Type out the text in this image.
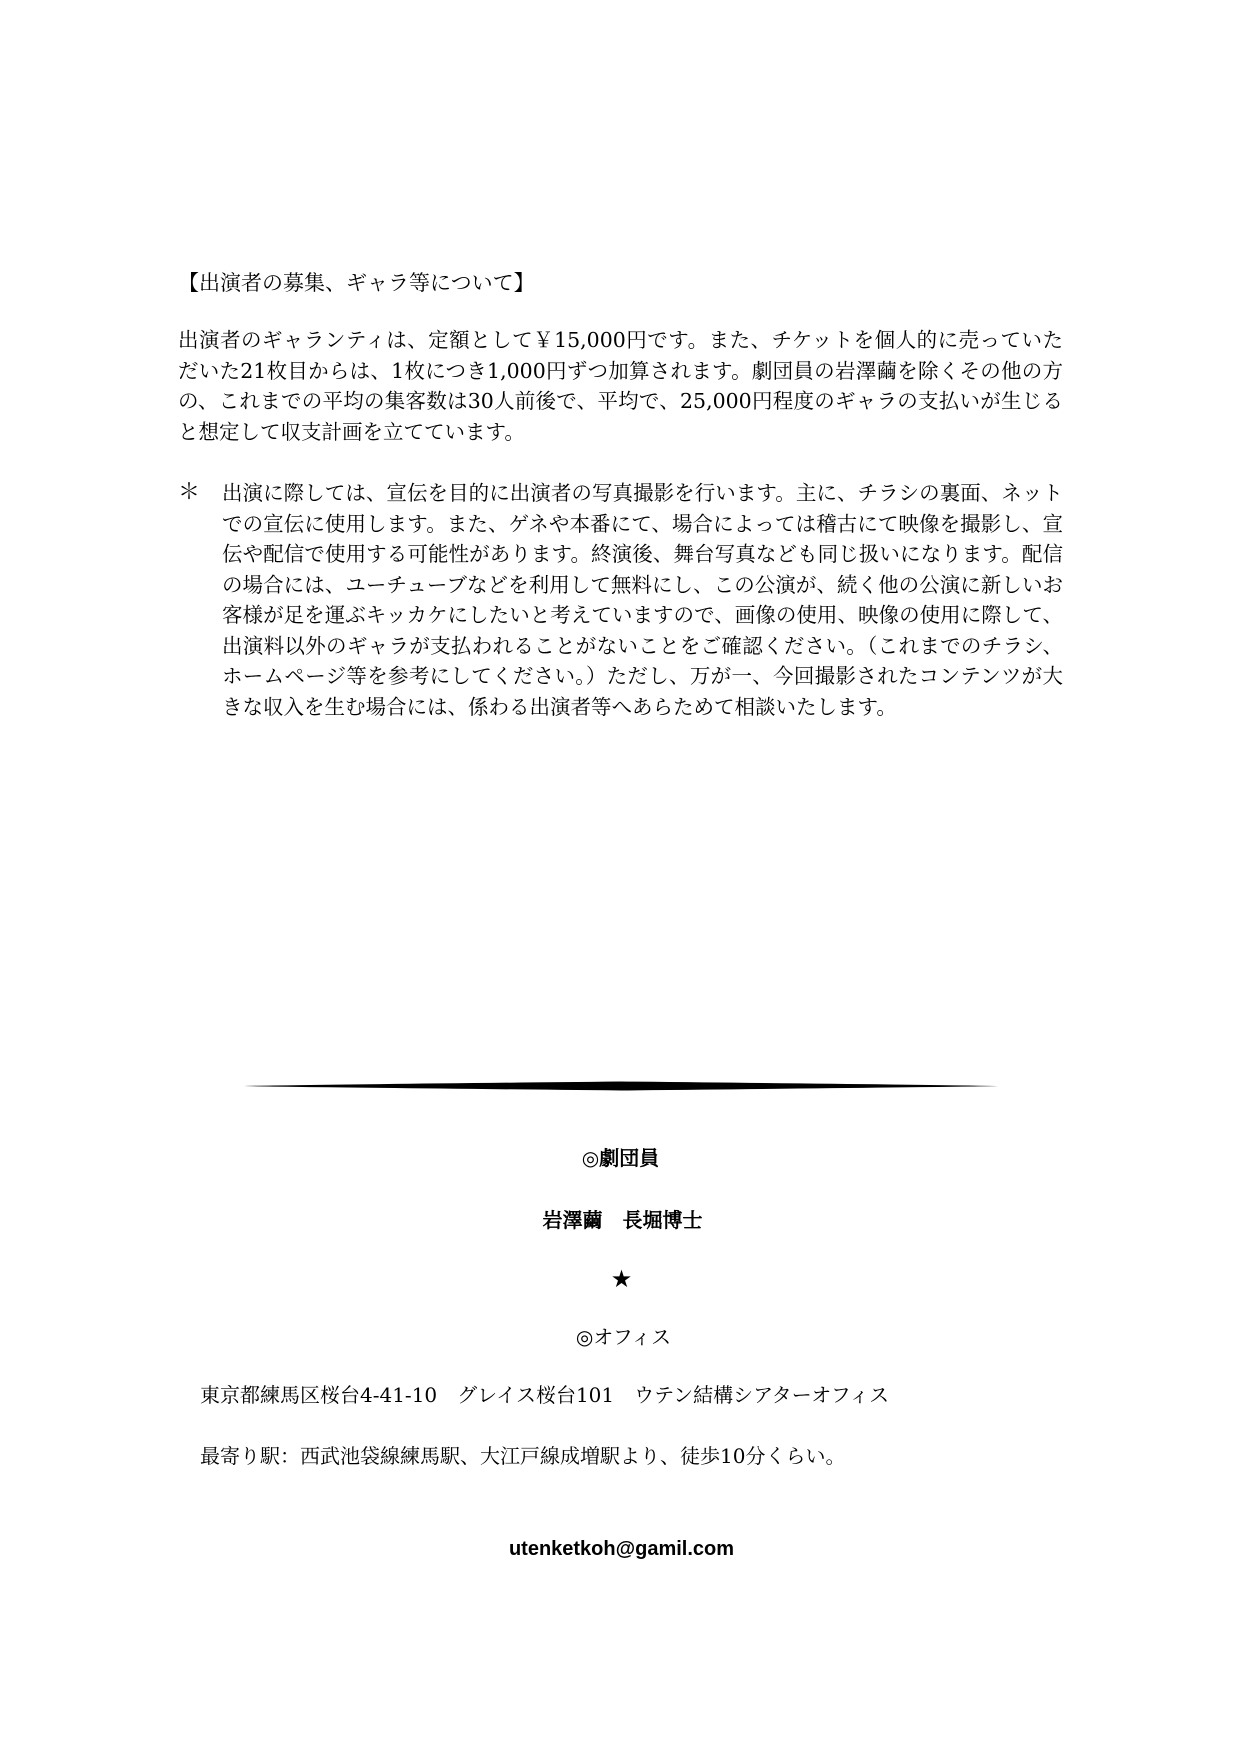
【出演者の募集、ギャラ等について】

出演者のギャランティは、定額として￥15,000円です。また、チケットを個人的に売っていただいた21枚目からは、1枚につき1,000円ずつ加算されます。劇団員の岩澤繭を除くその他の方の、これまでの平均の集客数は30人前後で、平均で、25,000円程度のギャラの支払いが生じると想定して収支計画を立てています。

＊ 出演に際しては、宣伝を目的に出演者の写真撮影を行います。主に、チラシの裏面、ネットでの宣伝に使用します。また、ゲネや本番にて、場合によっては稽古にて映像を撮影し、宣伝や配信で使用する可能性があります。終演後、舞台写真なども同じ扱いになります。配信の場合には、ユーチューブなどを利用して無料にし、この公演が、続く他の公演に新しいお客様が足を運ぶキッカケにしたいと考えていますので、画像の使用、映像の使用に際して、出演料以外のギャラが支払われることがないことをご確認ください。（これまでのチラシ、ホームページ等を参考にしてください。）ただし、万が一、今回撮影されたコンテンツが大きな収入を生む場合には、係わる出演者等へあらためて相談いたします。

◎劇団員
岩澤繭　長堀博士
★
◎オフィス
東京都練馬区桜台4-41-10　グレイス桜台101　ウテン結構シアターオフィス
最寄り駅：西武池袋線練馬駅、大江戸線成増駅より、徒歩10分くらい。
utenketkoh@gamil.com
